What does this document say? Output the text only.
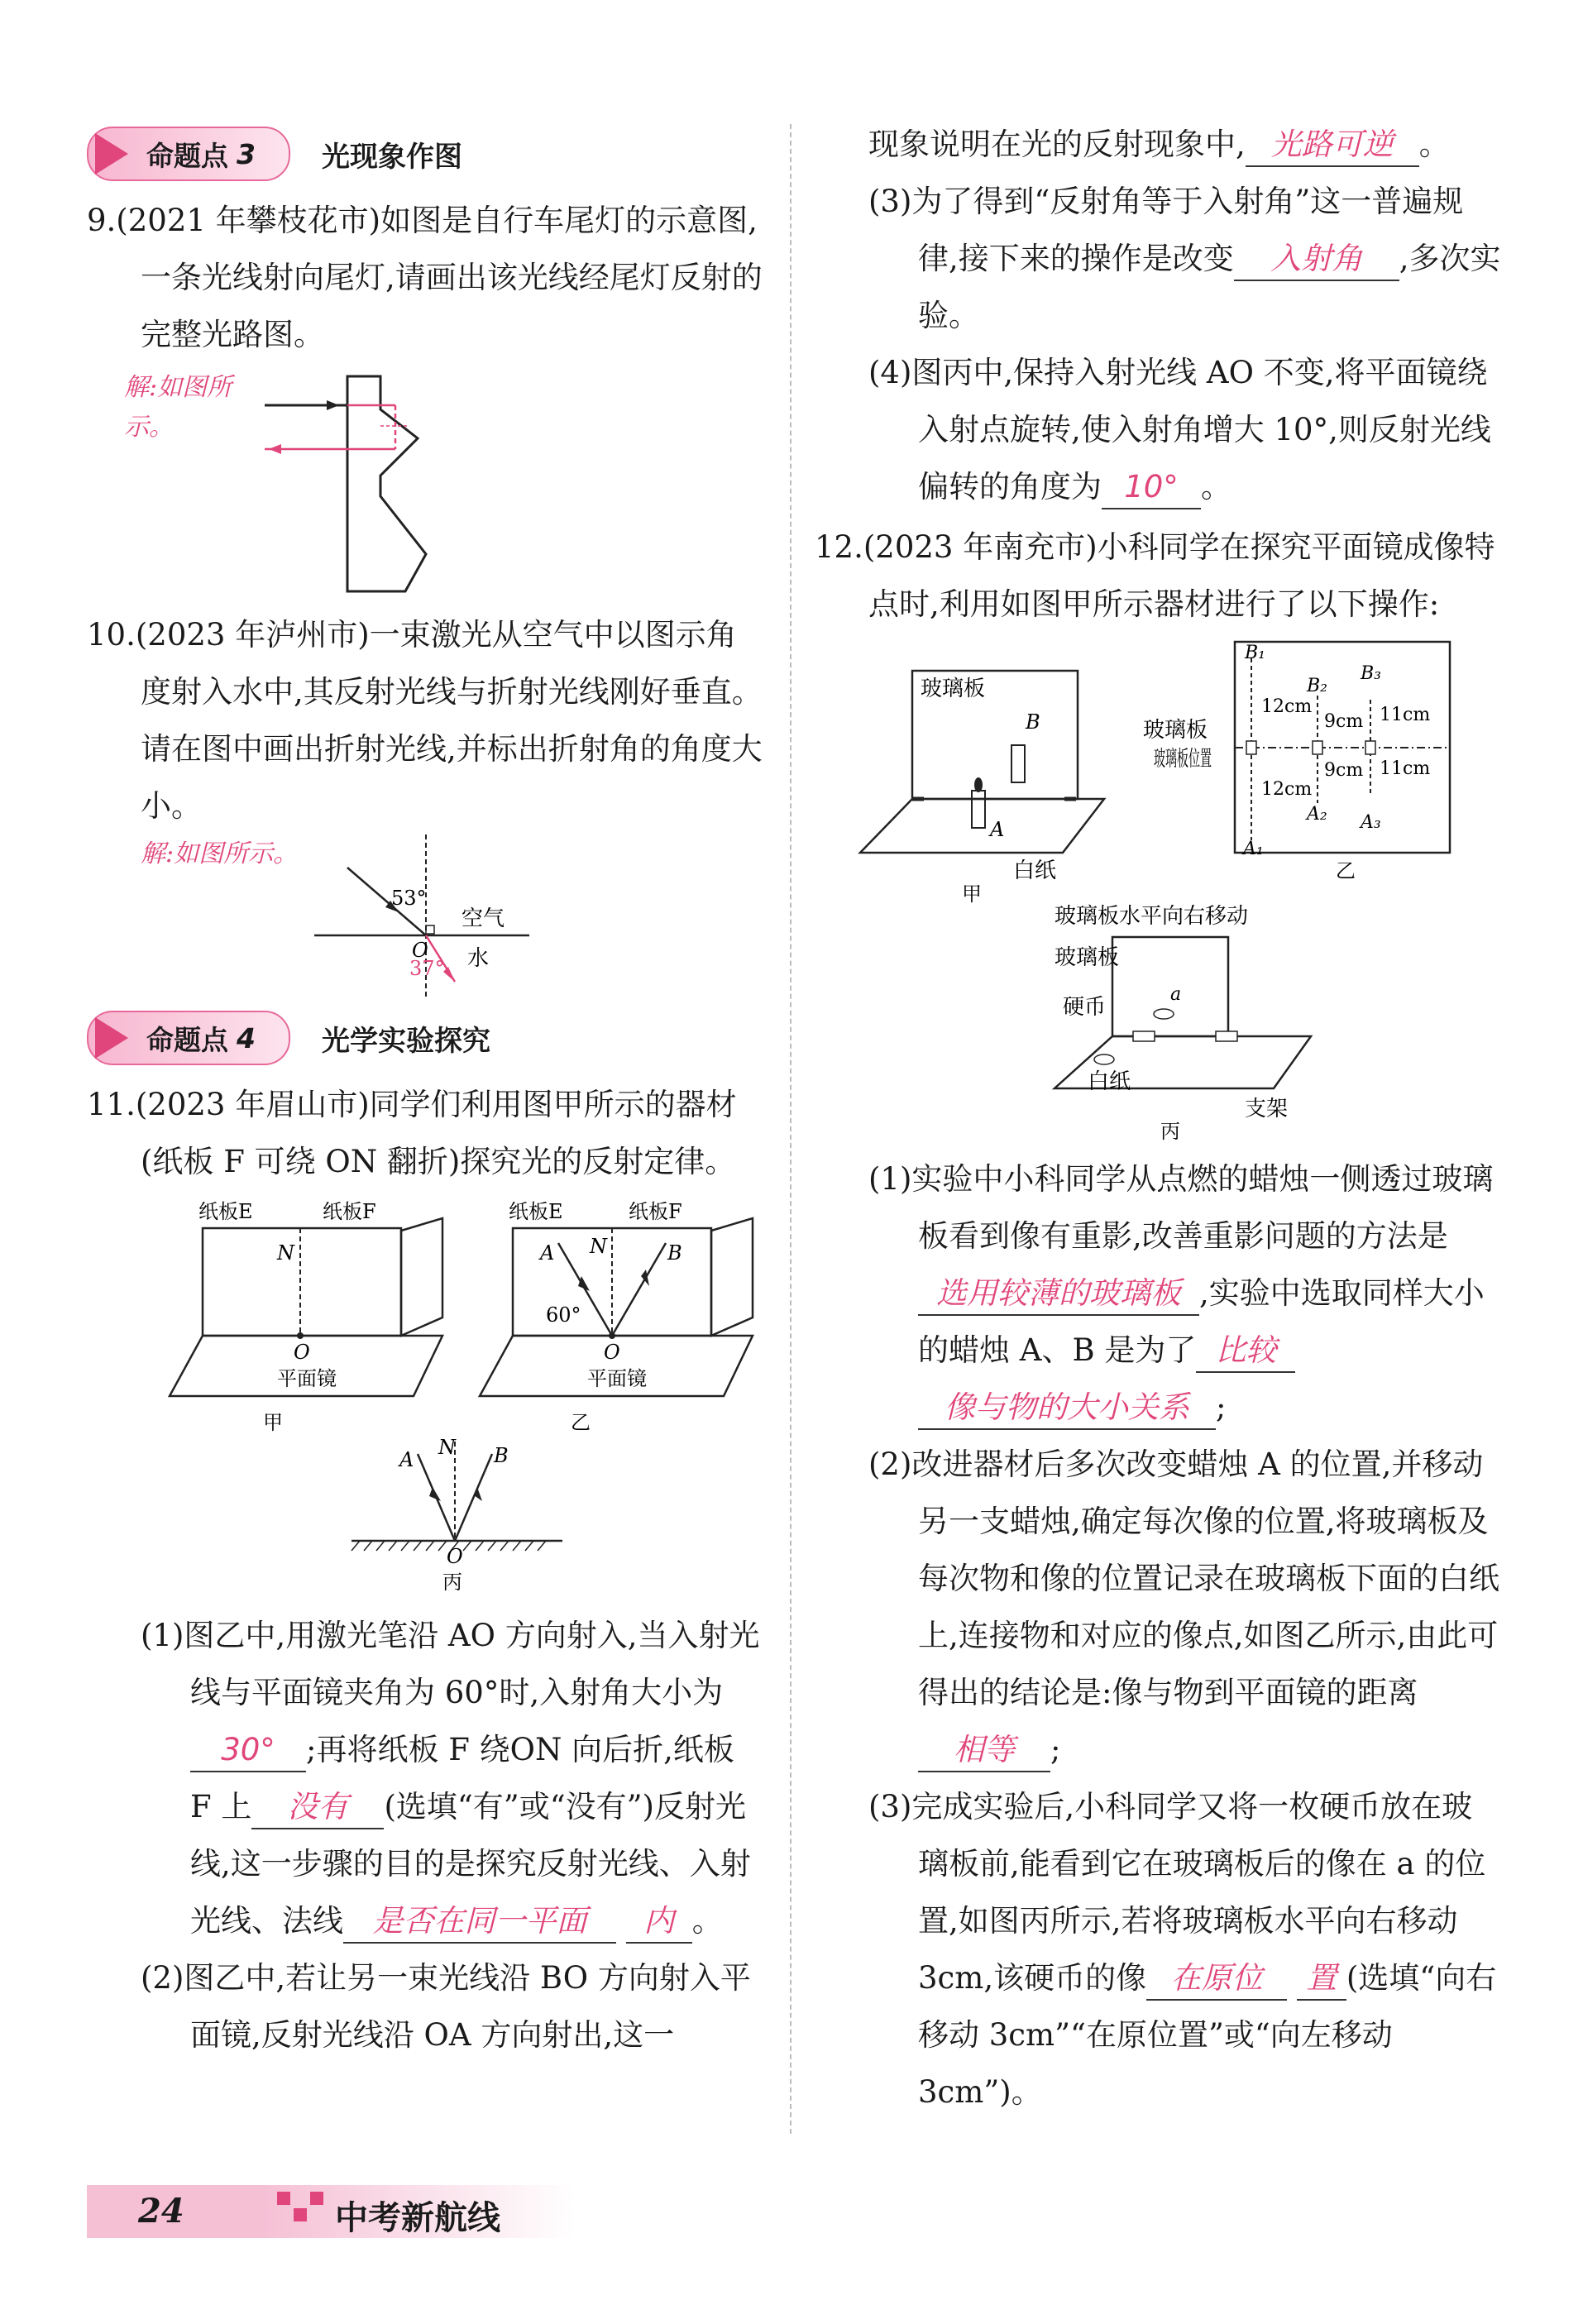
命题点 3 光现象作图

9.(2021 年攀枝花市)如图是自行车尾灯的示意图,一条光线射向尾灯,请画出该光线经尾灯反射的完整光路图。

解:如图所示。

10.(2023 年泸州市)一束激光从空气中以图示角度射入水中,其反射光线与折射光线刚好垂直。请在图中画出折射光线,并标出折射角的角度大小。

解:如图所示。
53°
37°
O
空气
水
命题点 4 光学实验探究

11.(2023 年眉山市)同学们利用图甲所示的器材(纸板 F 可绕 ON 翻折)探究光的反射定律。

纸板E	纸板F
N
O
平面镜
甲
纸板E	纸板F
A N	B
60°
O
平面镜
乙
A
N B
O
丙

(1)图乙中,用激光笔沿 AO 方向射入,当入射光线与平面镜夹角为 60°时,入射角大小为30° ;再将纸板 F 绕ON 向后折,纸板 F 上 没有 (选填“有”或“没有”)反射光线,这一步骤的目的是探究反射光线、入射光线、法线 是否在同一平面 内 。

(2)图乙中,若让另一束光线沿 BO 方向射入平面镜,反射光线沿 OA 方向射出,这一

现象说明在光的反射现象中, 光路可逆 。

(3)为了得到“反射角等于入射角”这一普遍规律,接下来的操作是改变 入射角 ,多次实验。

(4)图丙中,保持入射光线 AO 不变,将平面镜绕入射点旋转,使入射角增大 10°,则反射光线偏转的角度为 10° 。

12.(2023 年南充市)小科同学在探究平面镜成像特点时,利用如图甲所示器材进行了以下操作:

玻璃板
B
A
白纸
甲
B₁
12cm
12cm
A₁
B₂
9cm
9cm
A₂
B₃
11cm
11cm
A₃
玻璃板
玻璃板位置
乙
玻璃板水平向右移动
玻璃板
硬币
a
白纸
支架
丙

(1)实验中小科同学从点燃的蜡烛一侧透过玻璃板看到像有重影,改善重影问题的方法是选用较薄的玻璃板 ,实验中选取同样大小的蜡烛 A、B 是为了 比较 像与物的大小关系 ;

(2)改进器材后多次改变蜡烛 A 的位置,并移动另一支蜡烛,确定每次像的位置,将玻璃板及每次物和像的位置记录在玻璃板下面的白纸上,连接物和对应的像点,如图乙所示,由此可得出的结论是:像与物到平面镜的距离相等 ;

(3)完成实验后,小科同学又将一枚硬币放在玻璃板前,能看到它在玻璃板后的像在 a 的位置,如图丙所示,若将玻璃板水平向右移动 3cm,该硬币的像 在原位 置 (选填“向右移动 3cm”“在原位置”或“向左移动 3cm”)。

24	中考新航线
